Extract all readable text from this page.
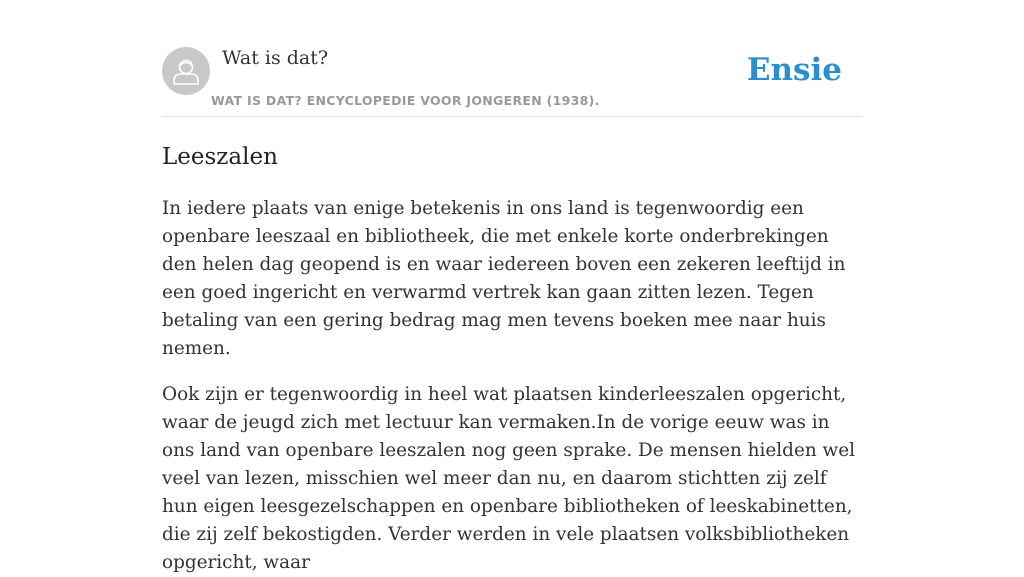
Wat is dat?
WAT IS DAT? ENCYCLOPEDIE VOOR JONGEREN (1938).
Ensie
Leeszalen

In iedere plaats van enige betekenis in ons land is tegenwoordig een openbare leeszaal en bibliotheek, die met enkele korte onderbrekingen den helen dag geopend is en waar iedereen boven een zekeren leeftijd in een goed ingericht en verwarmd vertrek kan gaan zitten lezen. Tegen betaling van een gering bedrag mag men tevens boeken mee naar huis nemen.

Ook zijn er tegenwoordig in heel wat plaatsen kinderleeszalen opgericht, waar de jeugd zich met lectuur kan vermaken.In de vorige eeuw was in ons land van openbare leeszalen nog geen sprake. De mensen hielden wel veel van lezen, misschien wel meer dan nu, en daarom stichtten zij zelf hun eigen leesgezelschappen en openbare bibliotheken of leeskabinetten, die zij zelf bekostigden. Verder werden in vele plaatsen volksbibliotheken opgericht, waar
